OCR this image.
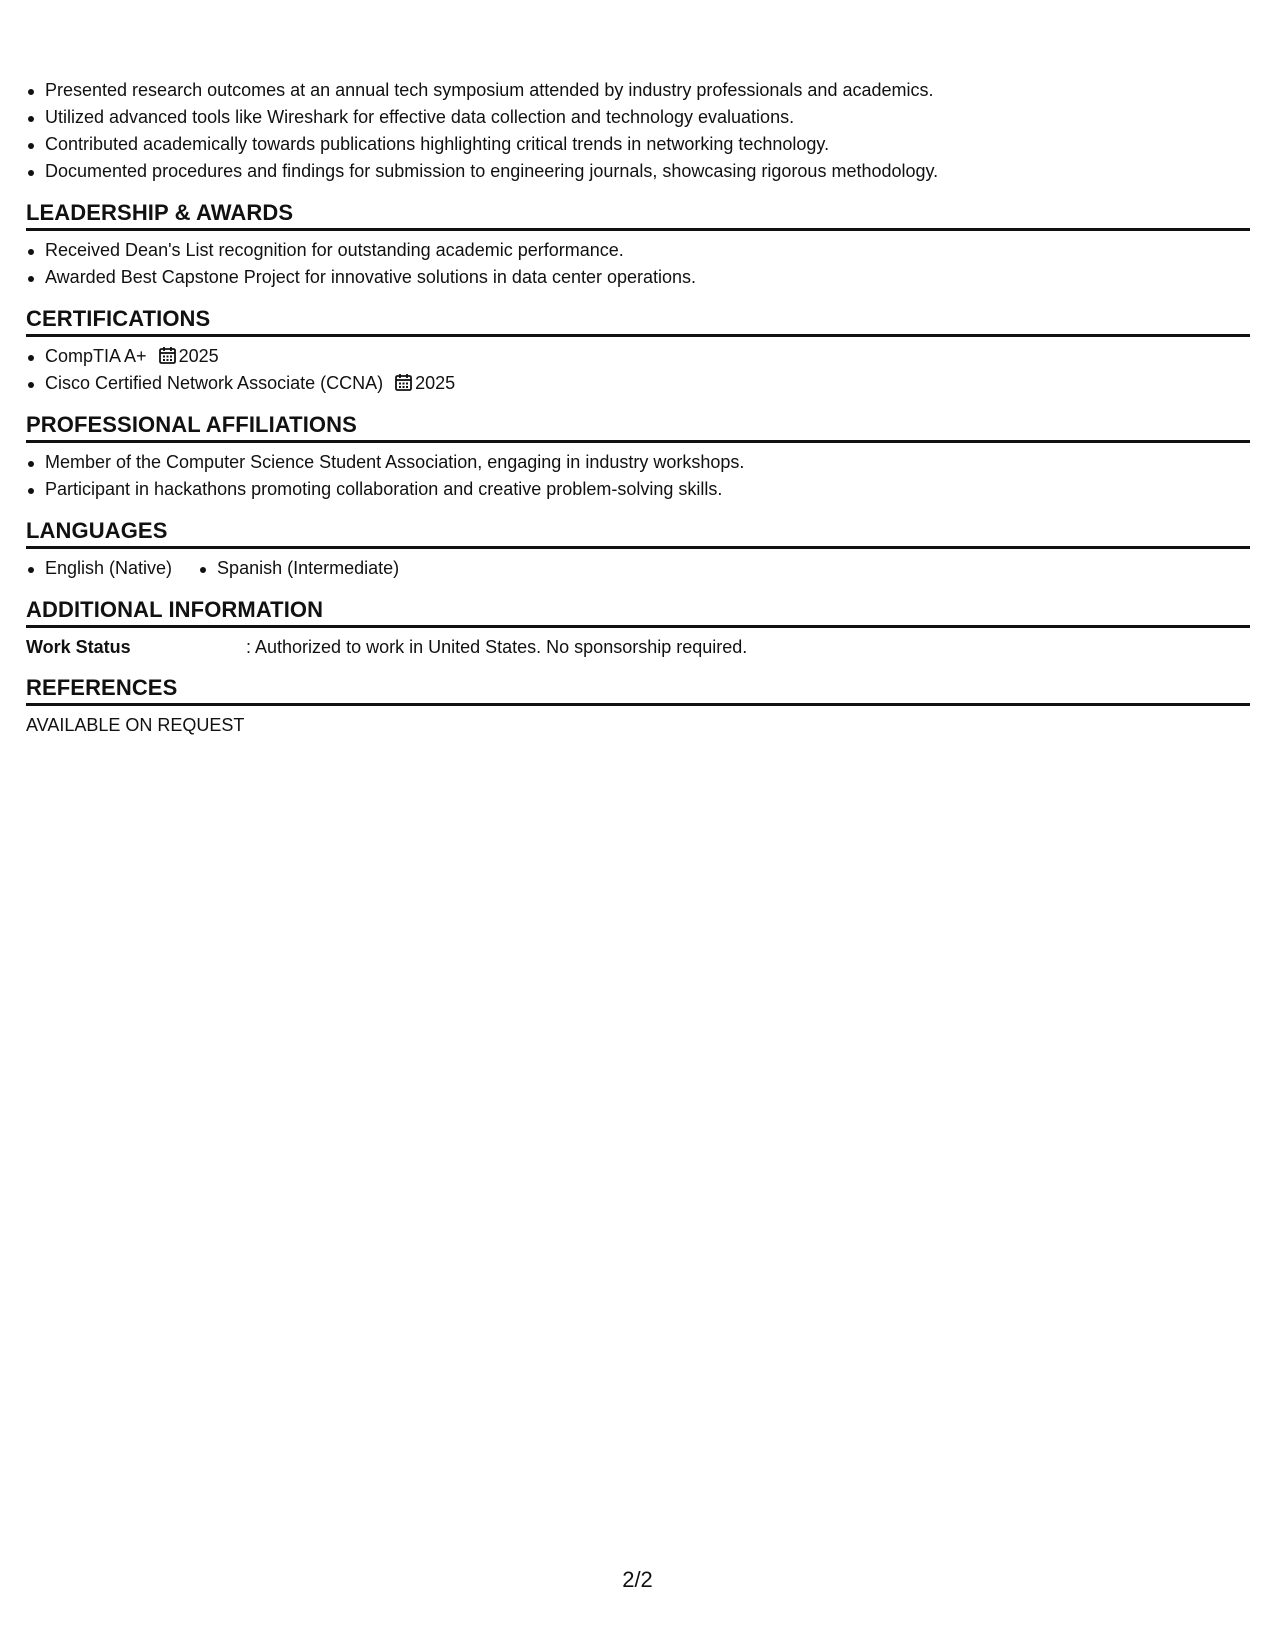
Presented research outcomes at an annual tech symposium attended by industry professionals and academics.
Utilized advanced tools like Wireshark for effective data collection and technology evaluations.
Contributed academically towards publications highlighting critical trends in networking technology.
Documented procedures and findings for submission to engineering journals, showcasing rigorous methodology.
LEADERSHIP & AWARDS
Received Dean's List recognition for outstanding academic performance.
Awarded Best Capstone Project for innovative solutions in data center operations.
CERTIFICATIONS
CompTIA A+ 2025
Cisco Certified Network Associate (CCNA) 2025
PROFESSIONAL AFFILIATIONS
Member of the Computer Science Student Association, engaging in industry workshops.
Participant in hackathons promoting collaboration and creative problem-solving skills.
LANGUAGES
English (Native)	Spanish (Intermediate)
ADDITIONAL INFORMATION
Work Status	: Authorized to work in United States. No sponsorship required.
REFERENCES
AVAILABLE ON REQUEST
2/2
